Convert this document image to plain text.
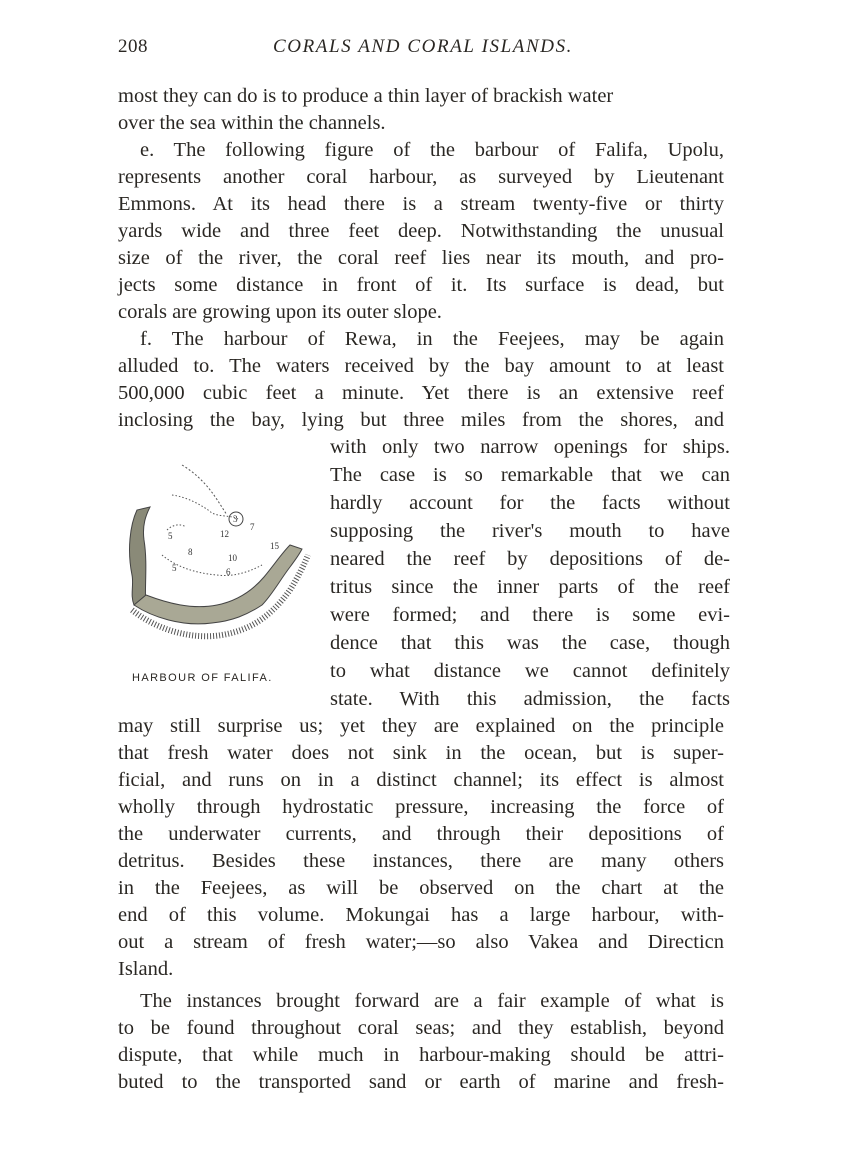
208	CORALS AND CORAL ISLANDS.
most they can do is to produce a thin layer of brackish water
over the sea within the channels.
e. The following figure of the barbour of Falifa, Upolu,
represents another coral harbour, as surveyed by Lieutenant
Emmons. At its head there is a stream twenty-five or thirty
yards wide and three feet deep. Notwithstanding the unusual
size of the river, the coral reef lies near its mouth, and pro-
jects some distance in front of it. Its surface is dead, but
corals are growing upon its outer slope.
f. The harbour of Rewa, in the Feejees, may be again
alluded to. The waters received by the bay amount to at least
500,000 cubic feet a minute. Yet there is an extensive reef
inclosing the bay, lying but three miles from the shores, and
with only two narrow openings for ships.
The case is so remarkable that we can
hardly account for the facts without
supposing the river's mouth to have
neared the reef by depositions of de-
tritus since the inner parts of the reef
were formed; and there is some evi-
dence that this was the case, though
to what distance we cannot definitely
state. With this admission, the facts
may still surprise us; yet they are explained on the principle
that fresh water does not sink in the ocean, but is super-
ficial, and runs on in a distinct channel; its effect is almost
wholly through hydrostatic pressure, increasing the force of
the underwater currents, and through their depositions of
detritus. Besides these instances, there are many others
in the Feejees, as will be observed on the chart at the
end of this volume. Mokungai has a large harbour, with-
out a stream of fresh water;—so also Vakea and Directicn
Island.
The instances brought forward are a fair example of what is
to be found throughout coral seas; and they establish, beyond
dispute, that while much in harbour-making should be attri-
buted to the transported sand or earth of marine and fresh-
3
7
12
5
8
10
15
5	6
HARBOUR OF FALIFA.
